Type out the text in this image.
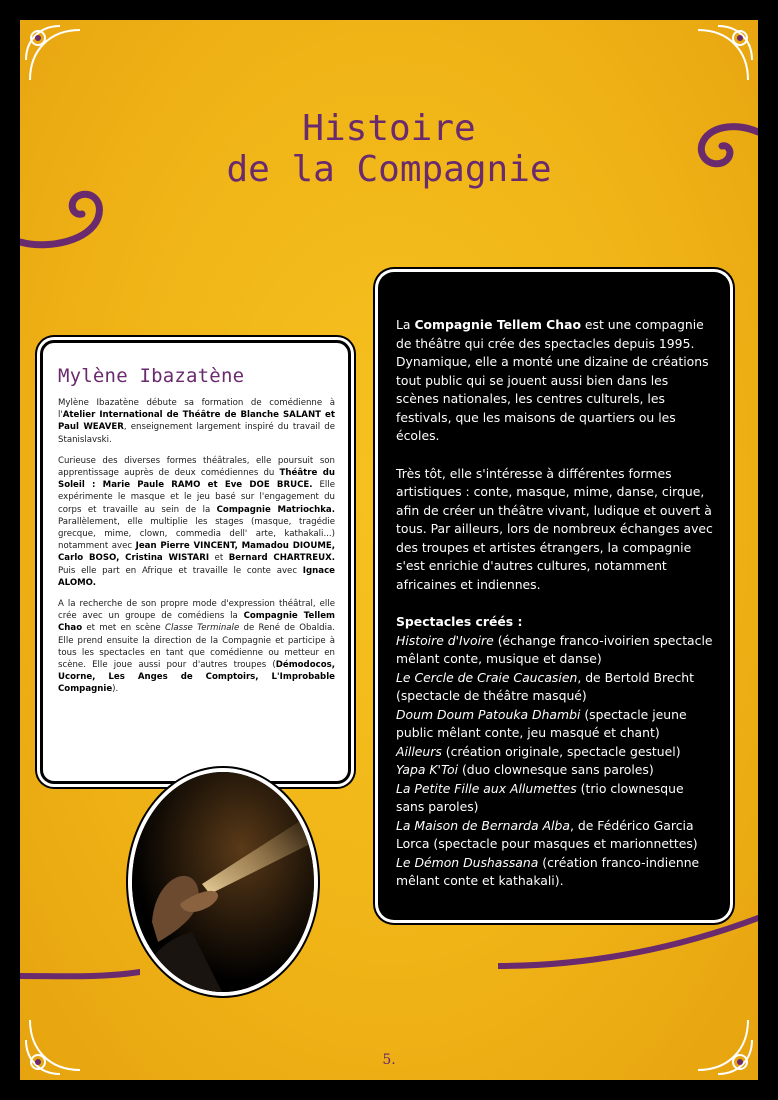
Histoire
de la Compagnie
Mylène Ibazatène

Mylène Ibazatène débute sa formation de comédienne à l'Atelier International de Théâtre de Blanche SALANT et Paul WEAVER, enseignement largement inspiré du travail de Stanislavski.

Curieuse des diverses formes théâtrales, elle poursuit son apprentissage auprès de deux comédiennes du Théâtre du Soleil : Marie Paule RAMO et Eve DOE BRUCE. Elle expérimente le masque et le jeu basé sur l'engagement du corps et travaille au sein de la Compagnie Matriochka. Parallèlement, elle multiplie les stages (masque, tragédie grecque, mime, clown, commedia dell' arte, kathakali...) notamment avec Jean Pierre VINCENT, Mamadou DIOUME, Carlo BOSO, Cristina WISTARI et Bernard CHARTREUX. Puis elle part en Afrique et travaille le conte avec Ignace ALOMO.

A la recherche de son propre mode d'expression théâtral, elle crée avec un groupe de comédiens la Compagnie Tellem Chao et met en scène Classe Terminale de René de Obaldia. Elle prend ensuite la direction de la Compagnie et participe à tous les spectacles en tant que comédienne ou metteur en scène. Elle joue aussi pour d'autres troupes (Démodocos, Ucorne, Les Anges de Comptoirs, L'Improbable Compagnie).

La Compagnie Tellem Chao est une compagnie de théâtre qui crée des spectacles depuis 1995. Dynamique, elle a monté une dizaine de créations tout public qui se jouent aussi bien dans les scènes nationales, les centres culturels, les festivals, que les maisons de quartiers ou les écoles.

Très tôt, elle s'intéresse à différentes formes artistiques : conte, masque, mime, danse, cirque, afin de créer un théâtre vivant, ludique et ouvert à tous. Par ailleurs, lors de nombreux échanges avec des troupes et artistes étrangers, la compagnie s'est enrichie d'autres cultures, notamment africaines et indiennes.

Spectacles créés :
Histoire d'Ivoire (échange franco-ivoirien spectacle mêlant conte, musique et danse)
Le Cercle de Craie Caucasien, de Bertold Brecht (spectacle de théâtre masqué)
Doum Doum Patouka Dhambi (spectacle jeune public mêlant conte, jeu masqué et chant)
Ailleurs (création originale, spectacle gestuel)
Yapa K'Toi (duo clownesque sans paroles)
La Petite Fille aux Allumettes (trio clownesque sans paroles)
La Maison de Bernarda Alba, de Fédérico Garcia Lorca (spectacle pour masques et marionnettes)
Le Démon Dushassana (création franco-indienne mêlant conte et kathakali).
5.
